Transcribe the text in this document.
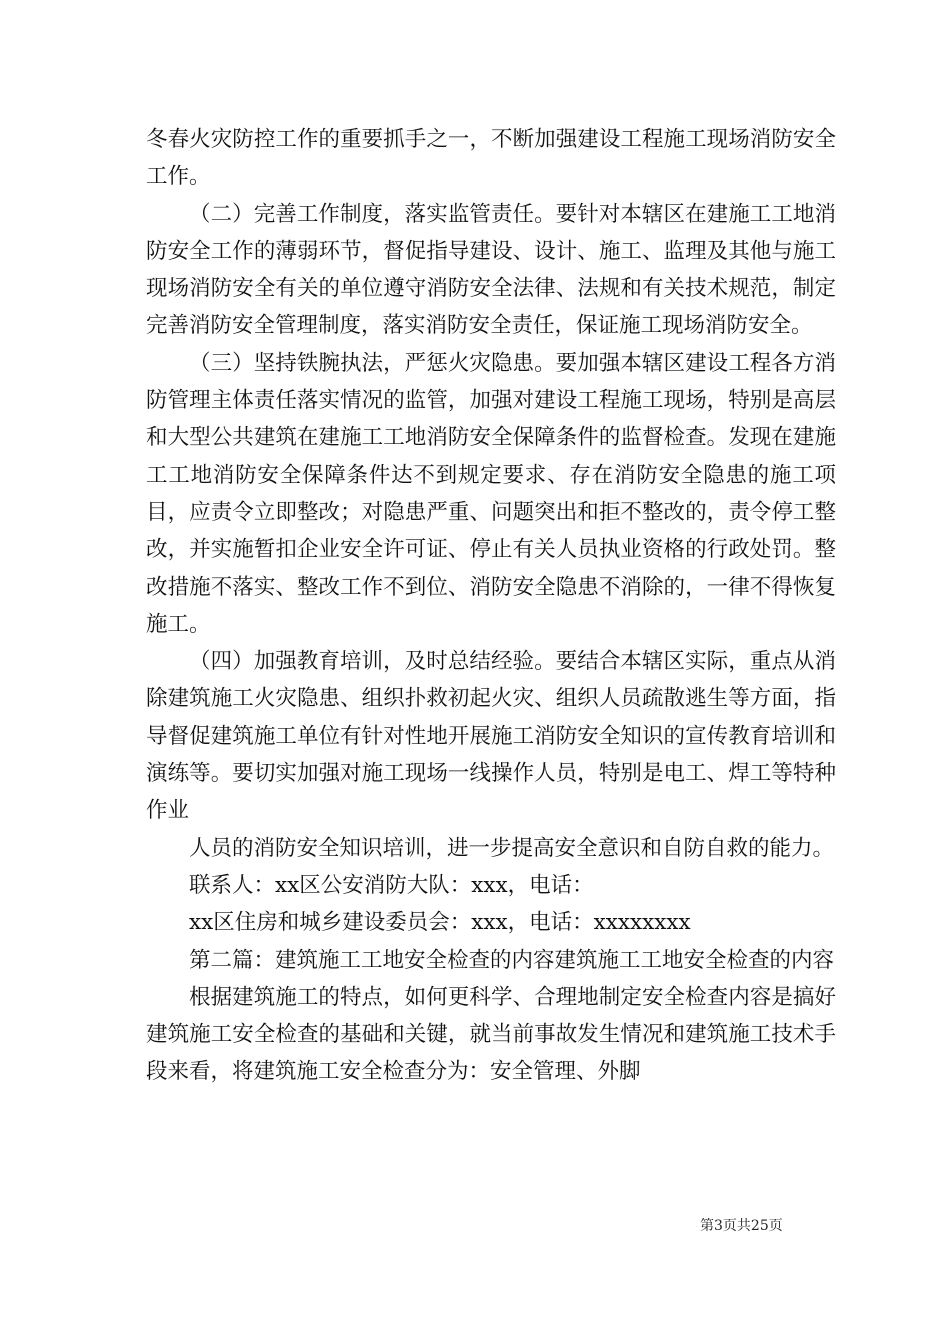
冬春火灾防控工作的重要抓手之一，不断加强建设工程施工现场消防安全工作。

（二）完善工作制度，落实监管责任。要针对本辖区在建施工工地消防安全工作的薄弱环节，督促指导建设、设计、施工、监理及其他与施工现场消防安全有关的单位遵守消防安全法律、法规和有关技术规范，制定完善消防安全管理制度，落实消防安全责任，保证施工现场消防安全。

（三）坚持铁腕执法，严惩火灾隐患。要加强本辖区建设工程各方消防管理主体责任落实情况的监管，加强对建设工程施工现场，特别是高层和大型公共建筑在建施工工地消防安全保障条件的监督检查。发现在建施工工地消防安全保障条件达不到规定要求、存在消防安全隐患的施工项目，应责令立即整改；对隐患严重、问题突出和拒不整改的，责令停工整改，并实施暂扣企业安全许可证、停止有关人员执业资格的行政处罚。整改措施不落实、整改工作不到位、消防安全隐患不消除的，一律不得恢复施工。

（四）加强教育培训，及时总结经验。要结合本辖区实际，重点从消除建筑施工火灾隐患、组织扑救初起火灾、组织人员疏散逃生等方面，指导督促建筑施工单位有针对性地开展施工消防安全知识的宣传教育培训和演练等。要切实加强对施工现场一线操作人员，特别是电工、焊工等特种作业

人员的消防安全知识培训，进一步提高安全意识和自防自救的能力。

联系人：xx区公安消防大队：xxx，电话：

xx区住房和城乡建设委员会：xxx，电话：xxxxxxxx

第二篇：建筑施工工地安全检查的内容建筑施工工地安全检查的内容

根据建筑施工的特点，如何更科学、合理地制定安全检查内容是搞好建筑施工安全检查的基础和关键，就当前事故发生情况和建筑施工技术手段来看，将建筑施工安全检查分为：安全管理、外脚

第3页共25页
